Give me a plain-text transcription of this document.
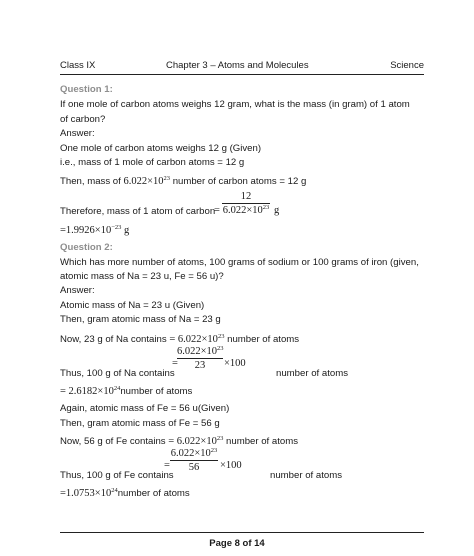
Class IX	Chapter 3 – Atoms and Molecules	Science
Question 1:
If one mole of carbon atoms weighs 12 gram, what is the mass (in gram) of 1 atom
of carbon?
Answer:
One mole of carbon atoms weighs 12 g (Given)
i.e., mass of 1 mole of carbon atoms = 12 g
Then, mass of $6.022\times 10^{23}$ number of carbon atoms = 12 g
Therefore, mass of 1 atom of carbon
=
12
$6.022\times 10^{23}$ g
$=1.9926\times 10^{-23}$ g
Question 2:
Which has more number of atoms, 100 grams of sodium or 100 grams of iron (given,
atomic mass of Na = 23 u, Fe = 56 u)?
Answer:
Atomic mass of Na = 23 u (Given)
Then, gram atomic mass of Na = 23 g
Now, 23 g of Na contains = $6.022\times 10^{23}$ number of atoms
Thus, 100 g of Na contains
=
$6.022\times 10^{23}$
23	×100
number of atoms
= $2.6182\times 10^{24}number$ of atoms
Again, atomic mass of Fe = 56 u(Given)
Then, gram atomic mass of Fe = 56 g
Now, 56 g of Fe contains = $6.022\times 10^{23}$ number of atoms
Thus, 100 g of Fe contains
=
$6.022\times 10^{23}$
56	×100
number of atoms
$=1.0753\times 10^{24}number$ of atoms
Page 8 of 14
